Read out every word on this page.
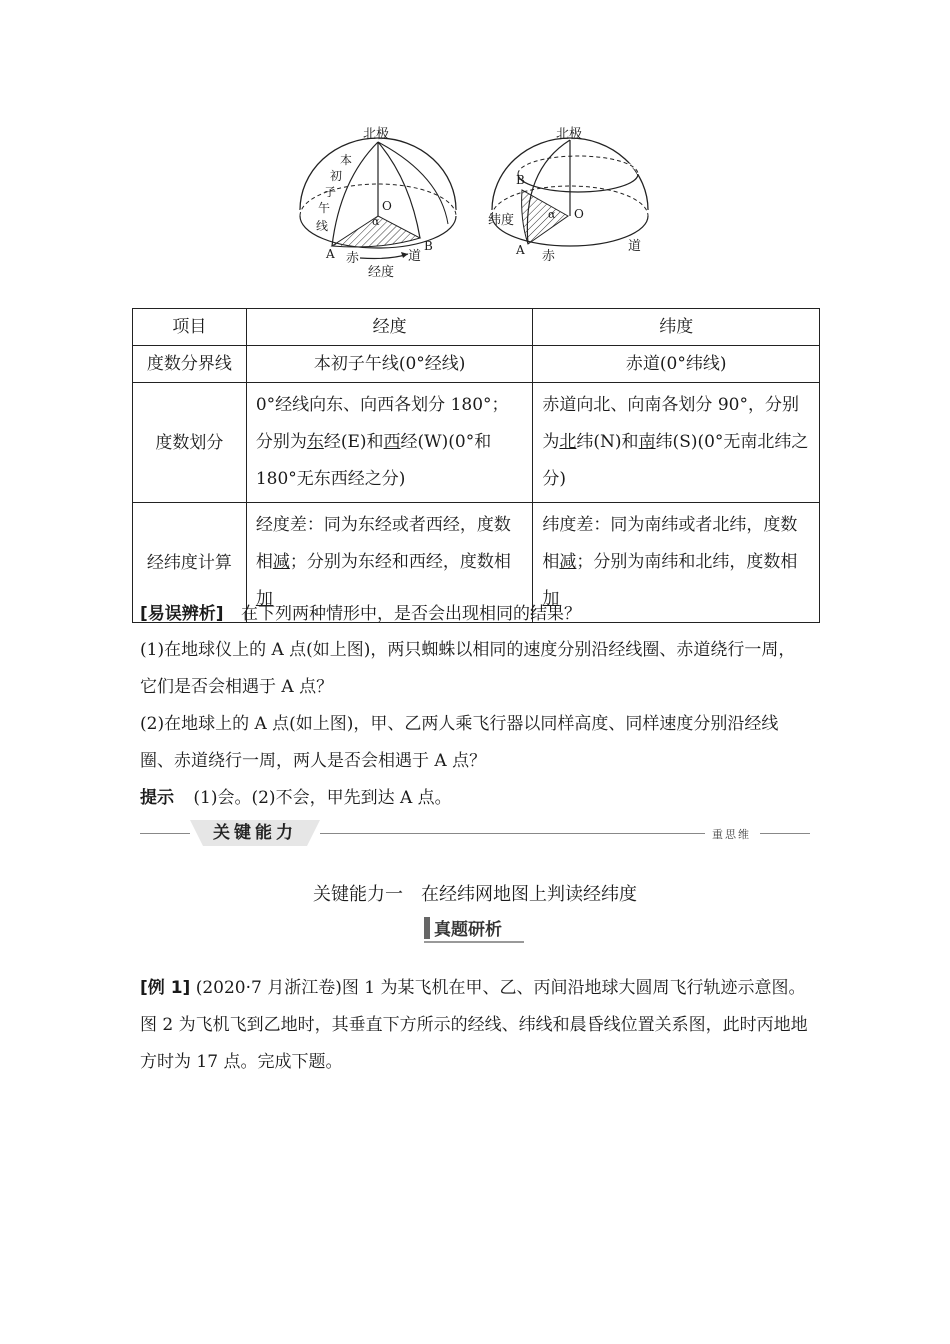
北极
本
初
子
午
线
O
α
A
B
赤	道
经度
北极
O
α
B
A
纬度
赤
道
项目	经度	纬度
度数分界线	本初子午线(0°经线)	赤道(0°纬线)
度数划分	0°经线向东、向西各划分 180°；分别为东经(E)和西经(W)(0°和 180°无东西经之分)	赤道向北、向南各划分 90°，分别为北纬(N)和南纬(S)(0°无南北纬之分)
经纬度计算	经度差：同为东经或者西经，度数相减；分别为东经和西经，度数相加	纬度差：同为南纬或者北纬，度数相减；分别为南纬和北纬，度数相加
[易误辨析] 在下列两种情形中，是否会出现相同的结果？
(1)在地球仪上的 A 点(如上图)，两只蜘蛛以相同的速度分别沿经线圈、赤道绕行一周，它们是否会相遇于 A 点？
(2)在地球上的 A 点(如上图)，甲、乙两人乘飞行器以同样高度、同样速度分别沿经线圈、赤道绕行一周，两人是否会相遇于 A 点？
提示 (1)会。(2)不会，甲先到达 A 点。
关键能力	重思维
关键能力一　在经纬网地图上判读经纬度
真题研析
[例 1] (2020·7 月浙江卷)图 1 为某飞机在甲、乙、丙间沿地球大圆周飞行轨迹示意图。图 2 为飞机飞到乙地时，其垂直下方所示的经线、纬线和晨昏线位置关系图，此时丙地地方时为 17 点。完成下题。
